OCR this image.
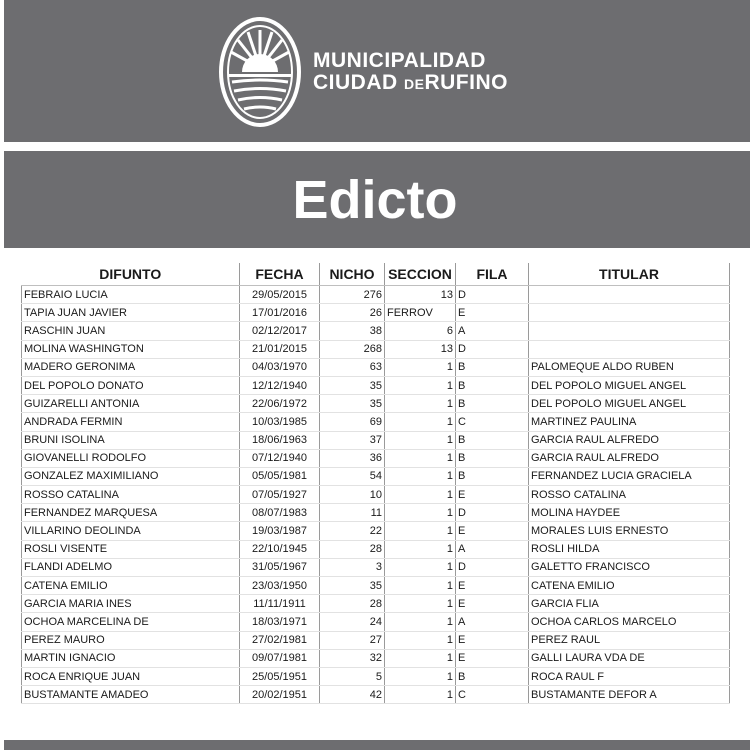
MUNICIPALIDAD
CIUDAD DERUFINO
Edicto
DIFUNTO	FECHA	NICHO	SECCION	FILA	TITULAR
FEBRAIO LUCIA	29/05/2015	276	13	D	
TAPIA JUAN JAVIER	17/01/2016	26	FERROV	E	
RASCHIN JUAN	02/12/2017	38	6	A	
MOLINA WASHINGTON	21/01/2015	268	13	D	
MADERO GERONIMA	04/03/1970	63	1	B	PALOMEQUE ALDO RUBEN
DEL POPOLO DONATO	12/12/1940	35	1	B	DEL POPOLO MIGUEL ANGEL
GUIZARELLI ANTONIA	22/06/1972	35	1	B	DEL POPOLO MIGUEL ANGEL
ANDRADA FERMIN	10/03/1985	69	1	C	MARTINEZ PAULINA
BRUNI ISOLINA	18/06/1963	37	1	B	GARCIA RAUL ALFREDO
GIOVANELLI RODOLFO	07/12/1940	36	1	B	GARCIA RAUL ALFREDO
GONZALEZ MAXIMILIANO	05/05/1981	54	1	B	FERNANDEZ LUCIA GRACIELA
ROSSO CATALINA	07/05/1927	10	1	E	ROSSO CATALINA
FERNANDEZ MARQUESA	08/07/1983	11	1	D	MOLINA HAYDEE
VILLARINO DEOLINDA	19/03/1987	22	1	E	MORALES LUIS ERNESTO
ROSLI VISENTE	22/10/1945	28	1	A	ROSLI HILDA
FLANDI ADELMO	31/05/1967	3	1	D	GALETTO FRANCISCO
CATENA EMILIO	23/03/1950	35	1	E	CATENA EMILIO
GARCIA MARIA INES	11/11/1911	28	1	E	GARCIA FLIA
OCHOA MARCELINA DE	18/03/1971	24	1	A	OCHOA CARLOS MARCELO
PEREZ MAURO	27/02/1981	27	1	E	PEREZ RAUL
MARTIN IGNACIO	09/07/1981	32	1	E	GALLI LAURA VDA DE
ROCA ENRIQUE JUAN	25/05/1951	5	1	B	ROCA RAUL F
BUSTAMANTE AMADEO	20/02/1951	42	1	C	BUSTAMANTE DEFOR A
